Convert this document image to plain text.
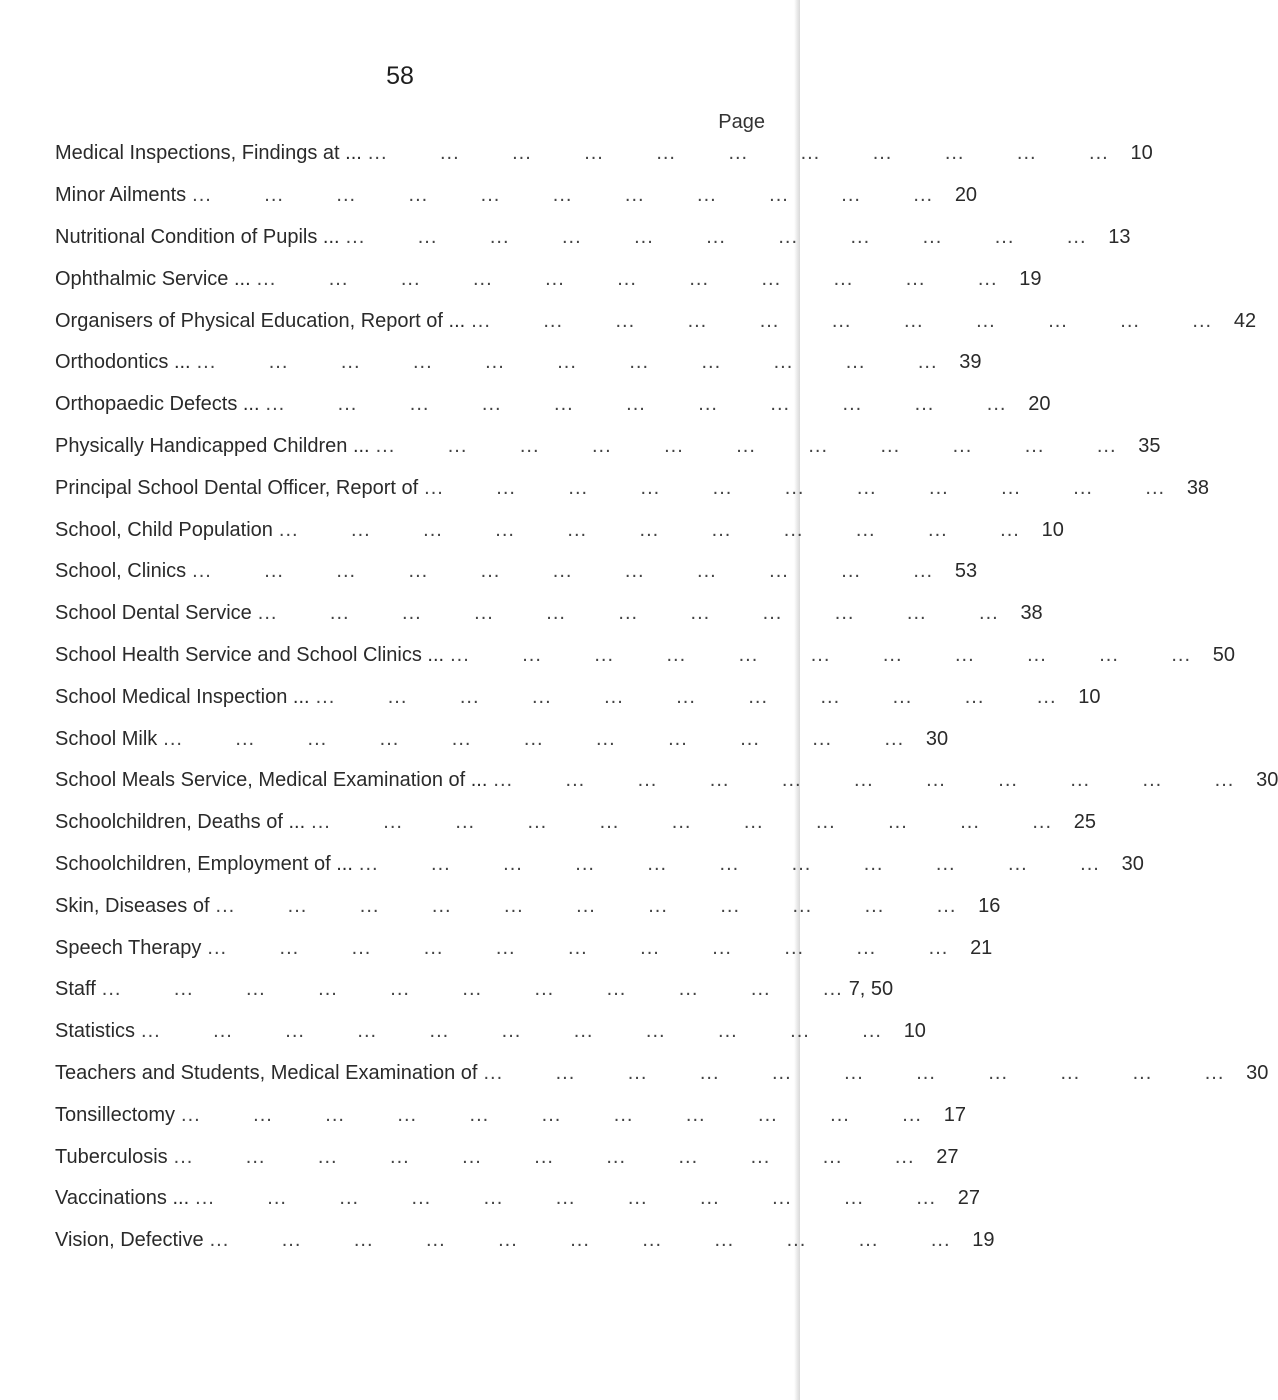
58
Page
Medical Inspections, Findings at ... ...	10
Minor Ailments ...	20
Nutritional Condition of Pupils ... ...	13
Ophthalmic Service ... ...	19
Organisers of Physical Education, Report of ... ...	42
Orthodontics ... ...	39
Orthopaedic Defects ... ...	20
Physically Handicapped Children ... ...	35
Principal School Dental Officer, Report of ...	38
School, Child Population ...	10
School, Clinics ...	53
School Dental Service ...	38
School Health Service and School Clinics ... ...	50
School Medical Inspection ... ...	10
School Milk ...	30
School Meals Service, Medical Examination of ... ...	30
Schoolchildren, Deaths of ... ...	25
Schoolchildren, Employment of ... ...	30
Skin, Diseases of ...	16
Speech Therapy ...	21
Staff ...	7, 50
Statistics ...	10
Teachers and Students, Medical Examination of ...	30
Tonsillectomy ...	17
Tuberculosis ...	27
Vaccinations ... ...	27
Vision, Defective ...	19
